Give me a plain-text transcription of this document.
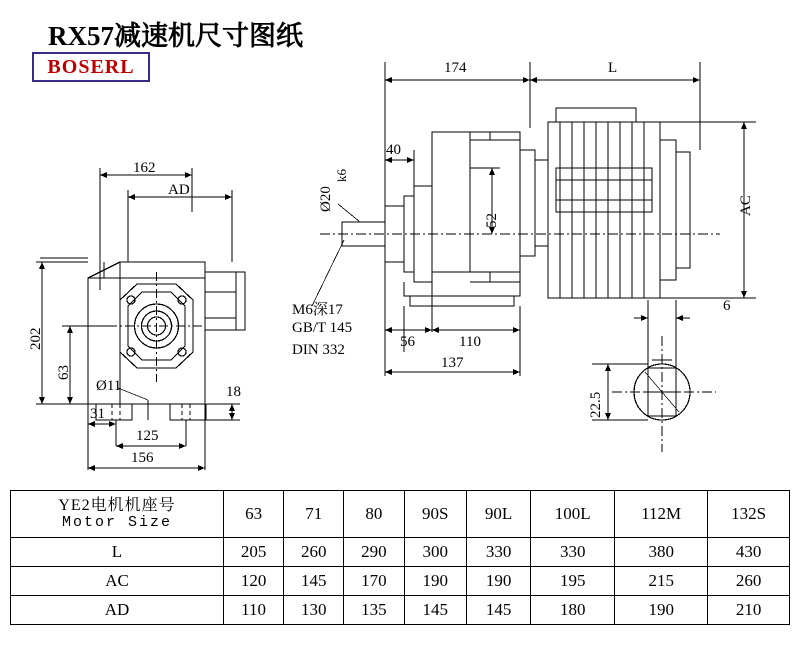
RX57减速机尺寸图纸
BOSERL
162
AD
202
63
Ø11
31
125
156
18
174	L
Ø20
k6
40
52
AC
M6深17
GB/T 145
DIN 332	56	110
137
6
22.5
YE2电机机座号
Motor Size	63	71	80	90S	90L	100L	112M	132S
L	205	260	290	300	330	330	380	430
AC	120	145	170	190	190	195	215	260
AD	110	130	135	145	145	180	190	210
